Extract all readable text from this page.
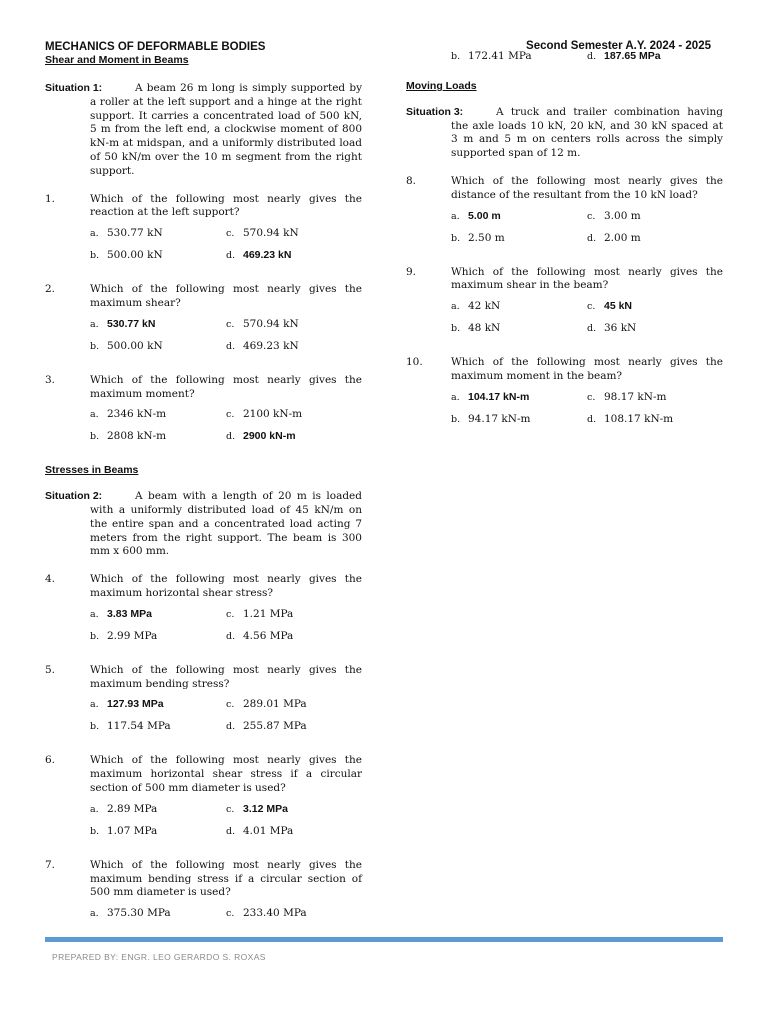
MECHANICS OF DEFORMABLE BODIES
Shear and Moment in Beams
Second Semester A.Y. 2024 - 2025
Situation 1:	A beam 26 m long is simply supported by a roller at the left support and a hinge at the right support. It carries a concentrated load of 500 kN, 5 m from the left end, a clockwise moment of 800 kN-m at midspan, and a uniformly distributed load of 50 kN/m over the 10 m segment from the right support.
1.	Which of the following most nearly gives the reaction at the left support?
a. 530.77 kN	c. 570.94 kN
b. 500.00 kN	d. 469.23 kN
2.	Which of the following most nearly gives the maximum shear?
a. 530.77 kN	c. 570.94 kN
b. 500.00 kN	d. 469.23 kN
3.	Which of the following most nearly gives the maximum moment?
a. 2346 kN-m	c. 2100 kN-m
b. 2808 kN-m	d. 2900 kN-m
Stresses in Beams
Situation 2:	A beam with a length of 20 m is loaded with a uniformly distributed load of 45 kN/m on the entire span and a concentrated load acting 7 meters from the right support. The beam is 300 mm x 600 mm.
4.	Which of the following most nearly gives the maximum horizontal shear stress?
a. 3.83 MPa	c. 1.21 MPa
b. 2.99 MPa	d. 4.56 MPa
5.	Which of the following most nearly gives the maximum bending stress?
a. 127.93 MPa	c. 289.01 MPa
b. 117.54 MPa	d. 255.87 MPa
6.	Which of the following most nearly gives the maximum horizontal shear stress if a circular section of 500 mm diameter is used?
a. 2.89 MPa	c. 3.12 MPa
b. 1.07 MPa	d. 4.01 MPa
7.	Which of the following most nearly gives the maximum bending stress if a circular section of 500 mm diameter is used?
a. 375.30 MPa	c. 233.40 MPa
b. 172.41 MPa	d. 187.65 MPa
Moving Loads
Situation 3:	A truck and trailer combination having the axle loads 10 kN, 20 kN, and 30 kN spaced at 3 m and 5 m on centers rolls across the simply supported span of 12 m.
8.	Which of the following most nearly gives the distance of the resultant from the 10 kN load?
a. 5.00 m	c. 3.00 m
b. 2.50 m	d. 2.00 m
9.	Which of the following most nearly gives the maximum shear in the beam?
a. 42 kN	c. 45 kN
b. 48 kN	d. 36 kN
10.	Which of the following most nearly gives the maximum moment in the beam?
a. 104.17 kN-m	c. 98.17 kN-m
b. 94.17 kN-m	d. 108.17 kN-m
PREPARED BY: ENGR. LEO GERARDO S. ROXAS
